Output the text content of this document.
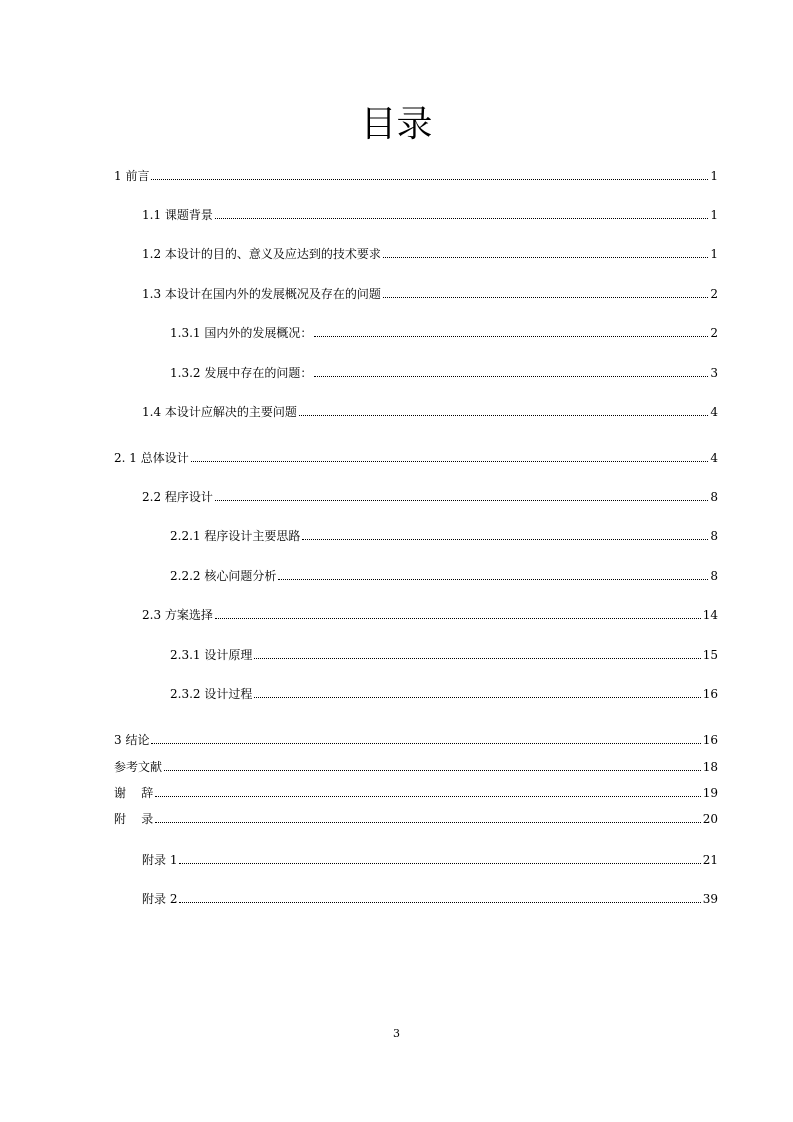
目录
1 前言	1
1.1 课题背景	1
1.2 本设计的目的、意义及应达到的技术要求	1
1.3 本设计在国内外的发展概况及存在的问题	2
1.3.1 国内外的发展概况：	2
1.3.2 发展中存在的问题：	3
1.4 本设计应解决的主要问题	4
2. 1 总体设计	4
2.2 程序设计	8
2.2.1 程序设计主要思路	8
2.2.2 核心问题分析	8
2.3 方案选择	14
2.3.1 设计原理	15
2.3.2 设计过程	16
3 结论	16
参考文献	18
谢    辞	19
附    录	20
附录 1	21
附录 2	39
3
